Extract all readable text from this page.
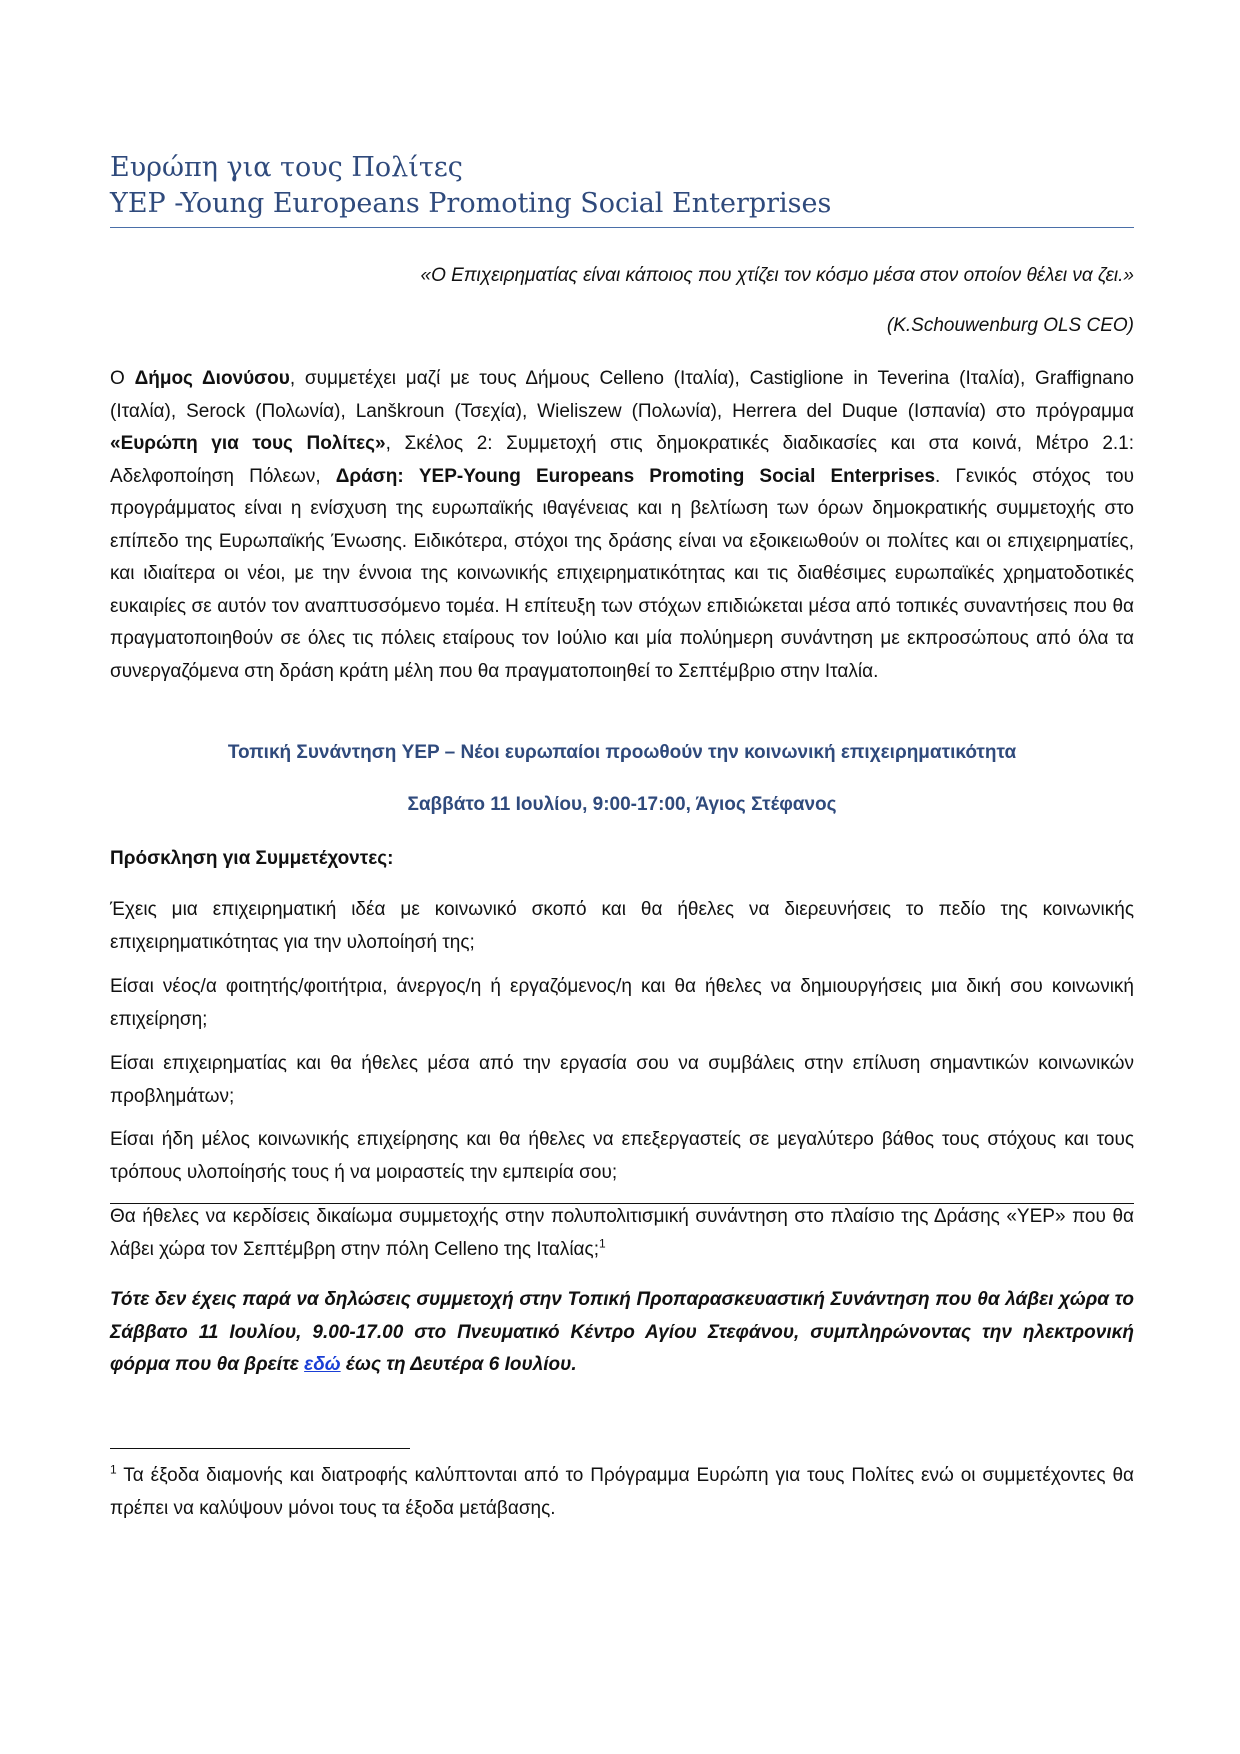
Ευρώπη για τους Πολίτες
YEP -Young Europeans Promoting Social Enterprises
«Ο Επιχειρηματίας είναι κάποιος που χτίζει τον κόσμο μέσα στον οποίον θέλει να ζει.»
(K.Schouwenburg OLS CEO)
Ο Δήμος Διονύσου, συμμετέχει μαζί με τους Δήμους Celleno (Ιταλία), Castiglione in Teverina (Ιταλία), Graffignano (Ιταλία), Serock (Πολωνία), Lanškroun (Τσεχία), Wieliszew (Πολωνία), Herrera del Duque (Ισπανία) στο πρόγραμμα «Ευρώπη για τους Πολίτες», Σκέλος 2: Συμμετοχή στις δημοκρατικές διαδικασίες και στα κοινά, Μέτρο 2.1: Αδελφοποίηση Πόλεων, Δράση: YEP-Young Europeans Promoting Social Enterprises. Γενικός στόχος του προγράμματος είναι η ενίσχυση της ευρωπαϊκής ιθαγένειας και η βελτίωση των όρων δημοκρατικής συμμετοχής στο επίπεδο της Ευρωπαϊκής Ένωσης. Ειδικότερα, στόχοι της δράσης είναι να εξοικειωθούν οι πολίτες και οι επιχειρηματίες, και ιδιαίτερα οι νέοι, με την έννοια της κοινωνικής επιχειρηματικότητας και τις διαθέσιμες ευρωπαϊκές χρηματοδοτικές ευκαιρίες σε αυτόν τον αναπτυσσόμενο τομέα. Η επίτευξη των στόχων επιδιώκεται μέσα από τοπικές συναντήσεις που θα πραγματοποιηθούν σε όλες τις πόλεις εταίρους τον Ιούλιο και μία πολύημερη συνάντηση με εκπροσώπους από όλα τα συνεργαζόμενα στη δράση κράτη μέλη που θα πραγματοποιηθεί το Σεπτέμβριο στην Ιταλία.
Τοπική Συνάντηση YEP – Νέοι ευρωπαίοι προωθούν την κοινωνική επιχειρηματικότητα
Σαββάτο 11 Ιουλίου, 9:00-17:00, Άγιος Στέφανος
Πρόσκληση για Συμμετέχοντες:
Έχεις μια επιχειρηματική ιδέα με κοινωνικό σκοπό και θα ήθελες να διερευνήσεις το πεδίο της κοινωνικής επιχειρηματικότητας για την υλοποίησή της;
Είσαι νέος/α φοιτητής/φοιτήτρια, άνεργος/η ή εργαζόμενος/η και θα ήθελες να δημιουργήσεις μια δική σου κοινωνική επιχείρηση;
Είσαι επιχειρηματίας και θα ήθελες μέσα από την εργασία σου να συμβάλεις στην επίλυση σημαντικών κοινωνικών προβλημάτων;
Είσαι ήδη μέλος κοινωνικής επιχείρησης και θα ήθελες να επεξεργαστείς σε μεγαλύτερο βάθος τους στόχους και τους τρόπους υλοποίησής τους ή να μοιραστείς την εμπειρία σου;
Θα ήθελες να κερδίσεις δικαίωμα συμμετοχής στην πολυπολιτισμική συνάντηση στο πλαίσιο της Δράσης «YEP» που θα λάβει χώρα τον Σεπτέμβρη στην πόλη Celleno της Ιταλίας;$^1$
Τότε δεν έχεις παρά να δηλώσεις συμμετοχή στην Τοπική Προπαρασκευαστική Συνάντηση που θα λάβει χώρα το Σάββατο 11 Ιουλίου, 9.00-17.00 στο Πνευματικό Κέντρο Αγίου Στεφάνου, συμπληρώνοντας την ηλεκτρονική φόρμα που θα βρείτε εδώ έως τη Δευτέρα 6 Ιουλίου.
$^1$ Τα έξοδα διαμονής και διατροφής καλύπτονται από το Πρόγραμμα Ευρώπη για τους Πολίτες ενώ οι συμμετέχοντες θα πρέπει να καλύψουν μόνοι τους τα έξοδα μετάβασης.
